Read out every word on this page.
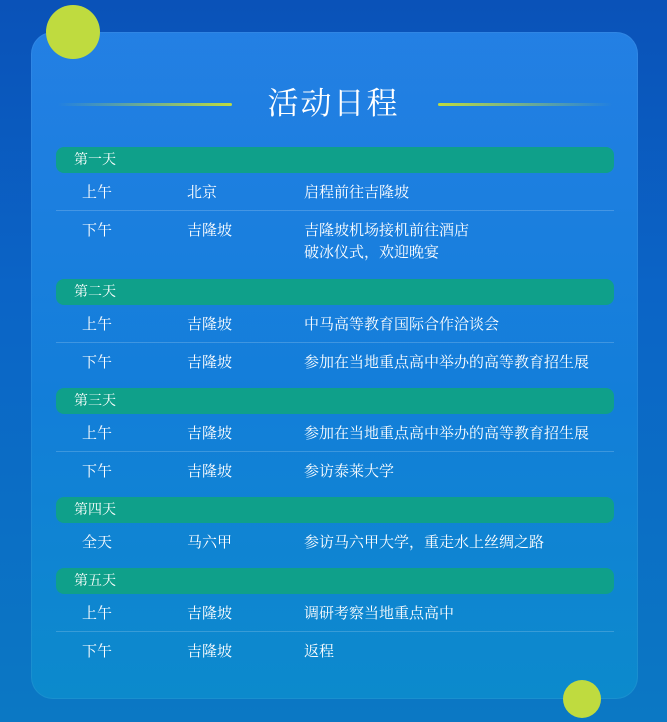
活动日程
第一天
上午	北京	启程前往吉隆坡
下午	吉隆坡	吉隆坡机场接机前往酒店
破冰仪式，欢迎晚宴
第二天
上午	吉隆坡	中马高等教育国际合作洽谈会
下午	吉隆坡	参加在当地重点高中举办的高等教育招生展
第三天
上午	吉隆坡	参加在当地重点高中举办的高等教育招生展
下午	吉隆坡	参访泰莱大学
第四天
全天	马六甲	参访马六甲大学，重走水上丝绸之路
第五天
上午	吉隆坡	调研考察当地重点高中
下午	吉隆坡	返程
